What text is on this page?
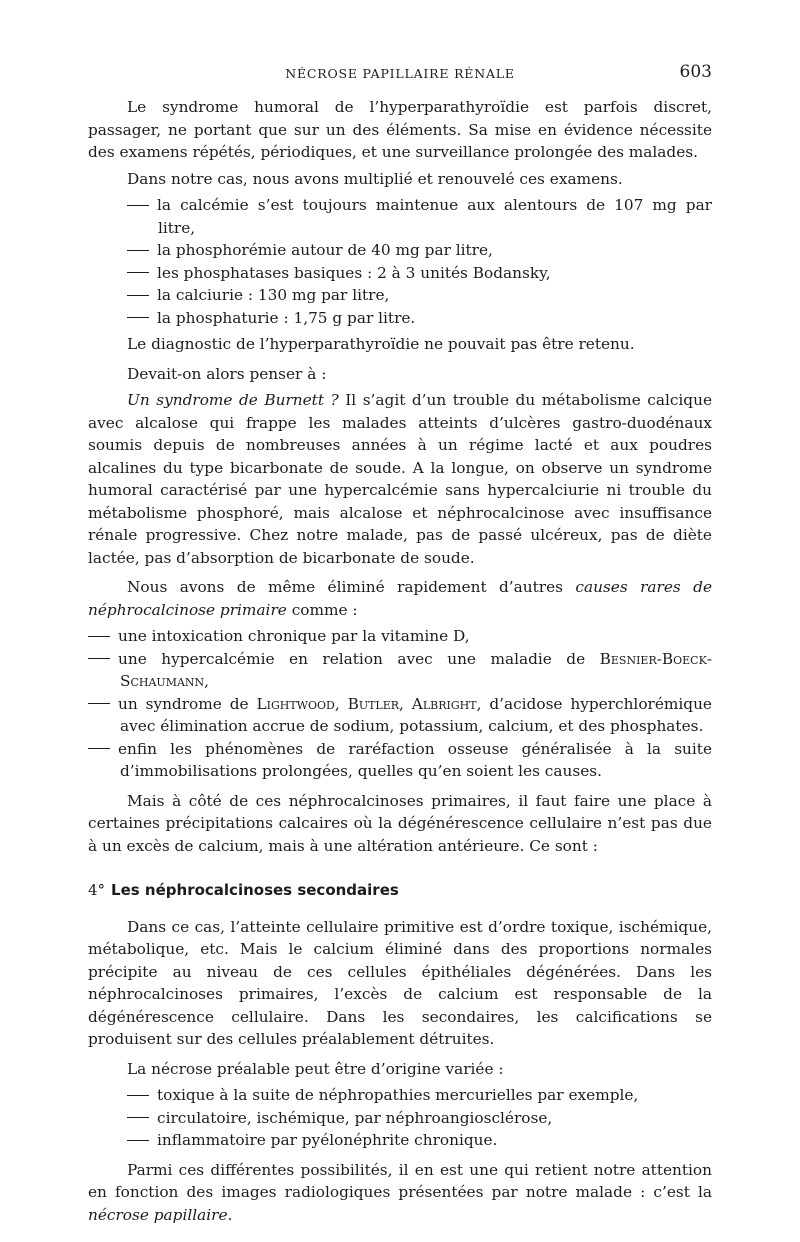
NÉCROSE PAPILLAIRE RÉNALE	603

Le syndrome humoral de l’hyperparathyroïdie est parfois discret, passager, ne portant que sur un des éléments. Sa mise en évidence nécessite des examens répétés, périodiques, et une surveillance prolongée des malades.

Dans notre cas, nous avons multiplié et renouvelé ces examens.

la calcémie s’est toujours maintenue aux alentours de 107 mg par litre,

la phosphorémie autour de 40 mg par litre,

les phosphatases basiques : 2 à 3 unités Bodansky,

la calciurie : 130 mg par litre,

la phosphaturie : 1,75 g par litre.

Le diagnostic de l’hyperparathyroïdie ne pouvait pas être retenu.

Devait-on alors penser à :

Un syndrome de Burnett ? Il s’agit d’un trouble du métabolisme calcique avec alcalose qui frappe les malades atteints d’ulcères gastro-duodénaux soumis depuis de nombreuses années à un régime lacté et aux poudres alcalines du type bicarbonate de soude. A la longue, on observe un syndrome humoral caractérisé par une hypercalcémie sans hypercalciurie ni trouble du métabolisme phosphoré, mais alcalose et néphrocalcinose avec insuffisance rénale progressive. Chez notre malade, pas de passé ulcéreux, pas de diète lactée, pas d’absorption de bicarbonate de soude.

Nous avons de même éliminé rapidement d’autres causes rares de néphrocalcinose primaire comme :

une intoxication chronique par la vitamine D,

une hypercalcémie en relation avec une maladie de Besnier-Boeck-Schaumann,

un syndrome de Lightwood, Butler, Albright, d’acidose hyperchlorémique avec élimination accrue de sodium, potassium, calcium, et des phosphates.

enfin les phénomènes de raréfaction osseuse généralisée à la suite d’immobilisations prolongées, quelles qu’en soient les causes.

Mais à côté de ces néphrocalcinoses primaires, il faut faire une place à certaines précipitations calcaires où la dégénérescence cellulaire n’est pas due à un excès de calcium, mais à une altération antérieure. Ce sont :

4° Les néphrocalcinoses secondaires

Dans ce cas, l’atteinte cellulaire primitive est d’ordre toxique, ischémique, métabolique, etc. Mais le calcium éliminé dans des proportions normales précipite au niveau de ces cellules épithéliales dégénérées. Dans les néphrocalcinoses primaires, l’excès de calcium est responsable de la dégénérescence cellulaire. Dans les secondaires, les calcifications se produisent sur des cellules préalablement détruites.

La nécrose préalable peut être d’origine variée :

toxique à la suite de néphropathies mercurielles par exemple,

circulatoire, ischémique, par néphroangiosclérose,

inflammatoire par pyélonéphrite chronique.

Parmi ces différentes possibilités, il en est une qui retient notre attention en fonction des images radiologiques présentées par notre malade : c’est la nécrose papillaire.
